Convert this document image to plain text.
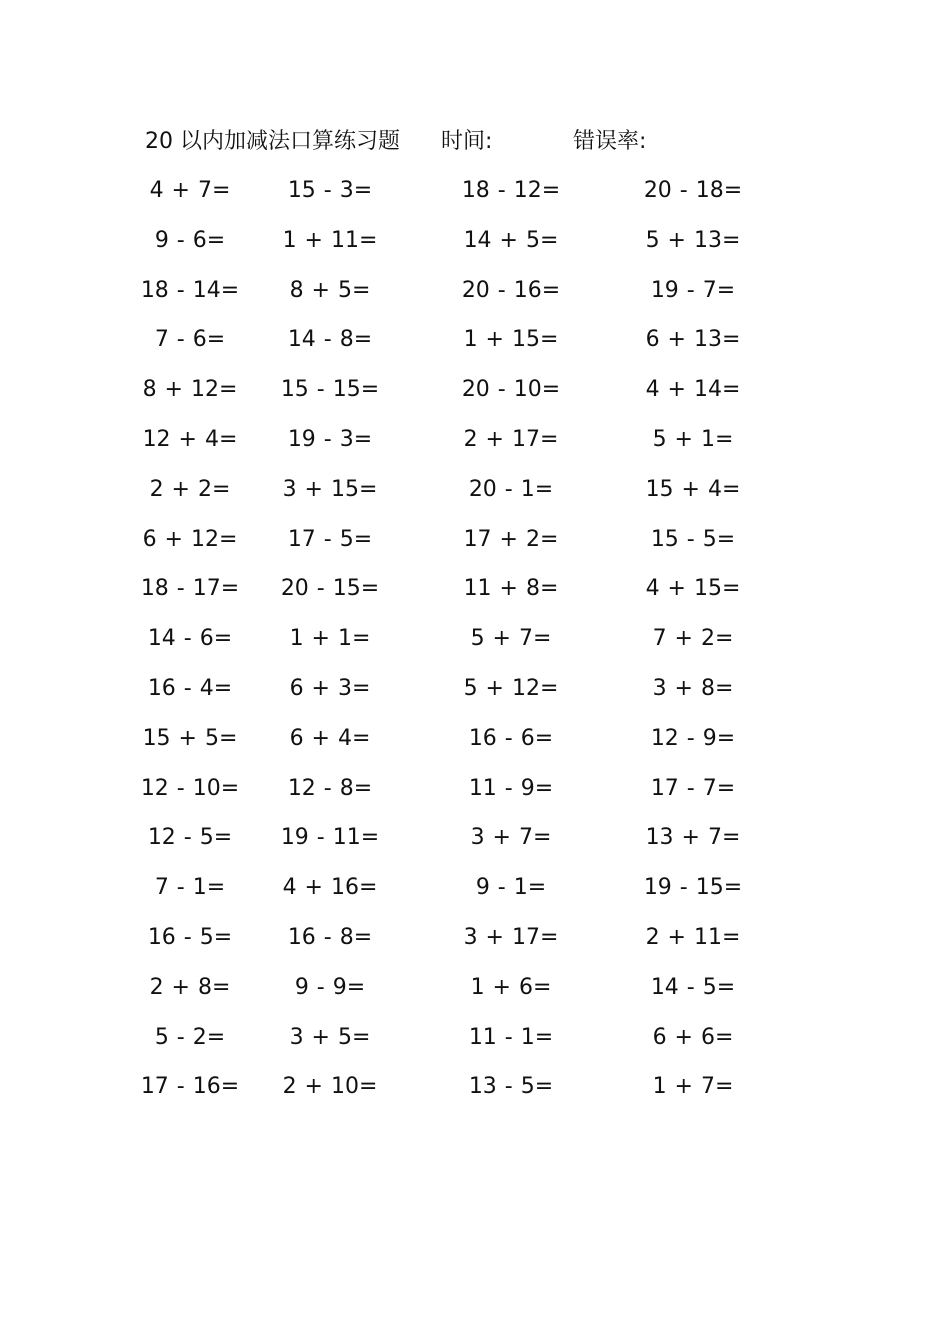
20 以内加减法口算练习题 时间:	错误率:
4 + 7=	15 - 3=	18 - 12=	20 - 18=
9 - 6=	1 + 11=	14 + 5=	5 + 13=
18 - 14=	8 + 5=	20 - 16=	19 - 7=
7 - 6=	14 - 8=	1 + 15=	6 + 13=
8 + 12=	15 - 15=	20 - 10=	4 + 14=
12 + 4=	19 - 3=	2 + 17=	5 + 1=
2 + 2=	3 + 15=	20 - 1=	15 + 4=
6 + 12=	17 - 5=	17 + 2=	15 - 5=
18 - 17=	20 - 15=	11 + 8=	4 + 15=
14 - 6=	1 + 1=	5 + 7=	7 + 2=
16 - 4=	6 + 3=	5 + 12=	3 + 8=
15 + 5=	6 + 4=	16 - 6=	12 - 9=
12 - 10=	12 - 8=	11 - 9=	17 - 7=
12 - 5=	19 - 11=	3 + 7=	13 + 7=
7 - 1=	4 + 16=	9 - 1=	19 - 15=
16 - 5=	16 - 8=	3 + 17=	2 + 11=
2 + 8=	9 - 9=	1 + 6=	14 - 5=
5 - 2=	3 + 5=	11 - 1=	6 + 6=
17 - 16=	2 + 10=	13 - 5=	1 + 7=
